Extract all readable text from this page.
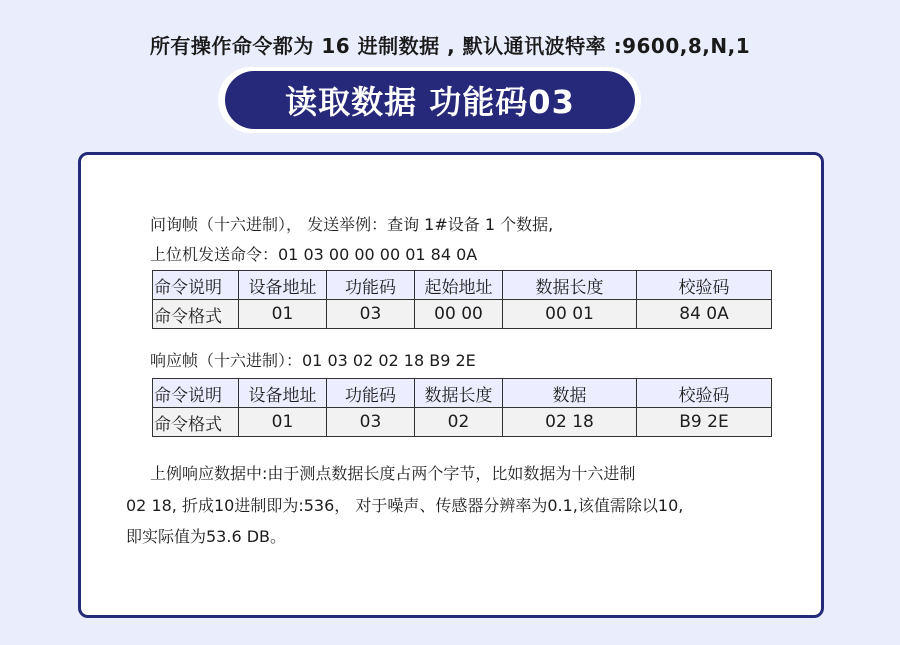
所有操作命令都为 16 进制数据 , 默认通讯波特率 :9600,8,N,1
读取数据 功能码03
问询帧（十六进制）， 发送举例：查询 1#设备 1 个数据,
上位机发送命令：01 03 00 00 00 01 84 0A
命令说明	设备地址	功能码	起始地址	数据长度	校验码
命令格式	01	03	00 00	00 01	84 0A
响应帧（十六进制）：01 03 02 02 18 B9 2E
命令说明	设备地址	功能码	数据长度	数据	校验码
命令格式	01	03	02	02 18	B9 2E
上例响应数据中:由于测点数据长度占两个字节，比如数据为十六进制
02 18, 折成10进制即为:536， 对于噪声、传感器分辨率为0.1,该值需除以10,
即实际值为53.6 DB。
